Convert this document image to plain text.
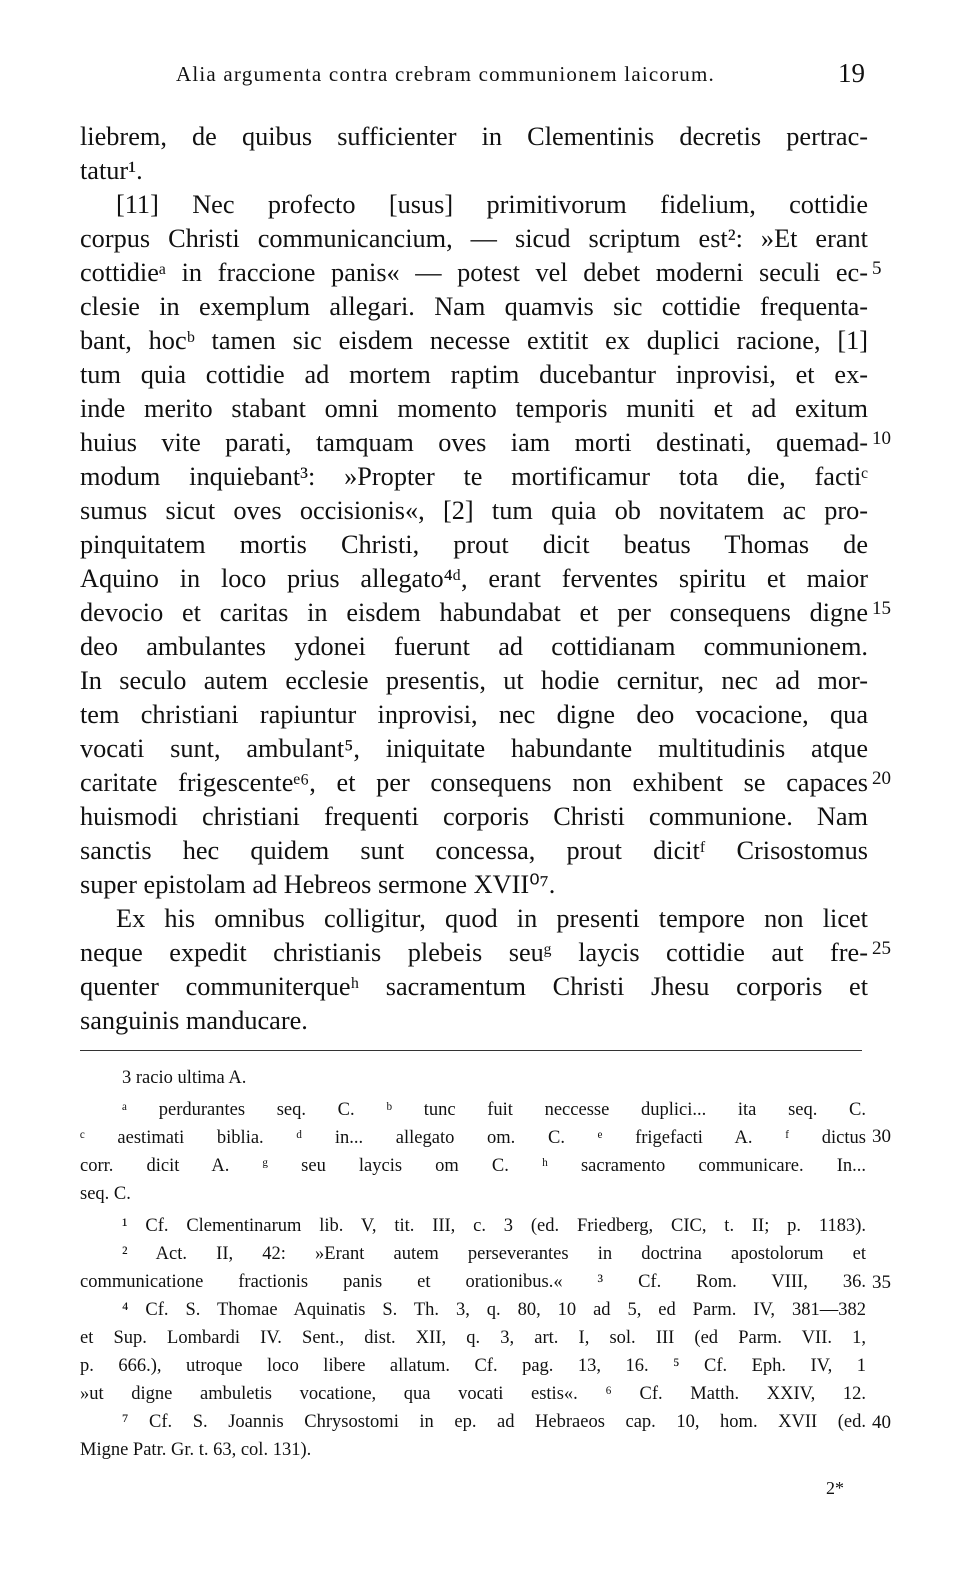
Alia argumenta contra crebram communionem laicorum.	19
liebrem, de quibus sufficienter in Clementinis decretis pertrac-
tatur¹.
[11] Nec profecto [usus] primitivorum fidelium, cottidie
corpus Christi communicancium, — sicud scriptum est²: »Et erant
cottidieᵃ in fraccione panis« — potest vel debet moderni seculi ec-
clesie in exemplum allegari. Nam quamvis sic cottidie frequenta-
bant, hocᵇ tamen sic eisdem necesse extitit ex duplici racione, [1]
tum quia cottidie ad mortem raptim ducebantur inprovisi, et ex-
inde merito stabant omni momento temporis muniti et ad exitum
huius vite parati, tamquam oves iam morti destinati, quemad-
modum inquiebant³: »Propter te mortificamur tota die, factiᶜ
sumus sicut oves occisionis«, [2] tum quia ob novitatem ac pro-
pinquitatem mortis Christi, prout dicit beatus Thomas de
Aquino in loco prius allegato⁴ᵈ, erant ferventes spiritu et maior
devocio et caritas in eisdem habundabat et per consequens digne
deo ambulantes ydonei fuerunt ad cottidianam communionem.
In seculo autem ecclesie presentis, ut hodie cernitur, nec ad mor-
tem christiani rapiuntur inprovisi, nec digne deo vocacione, qua
vocati sunt, ambulant⁵, iniquitate habundante multitudinis atque
caritate frigescenteᵉ⁶, et per consequens non exhibent se capaces
huismodi christiani frequenti corporis Christi communione. Nam
sanctis hec quidem sunt concessa, prout dicitᶠ Crisostomus
super epistolam ad Hebreos sermone XVII⁰⁷.
Ex his omnibus colligitur, quod in presenti tempore non licet
neque expedit christianis plebeis seuᵍ laycis cottidie aut fre-
quenter communiterqueʰ sacramentum Christi Jhesu corporis et
sanguinis manducare.
3 racio ultima A.
ᵃ perdurantes seq. C. ᵇ tunc fuit neccesse duplici... ita seq. C.
ᶜ aestimati biblia. ᵈ in... allegato om. C. ᵉ frigefacti A. ᶠ dictus
corr. dicit A. ᵍ seu laycis om C. ʰ sacramento communicare. In...
seq. C.
¹ Cf. Clementinarum lib. V, tit. III, c. 3 (ed. Friedberg, CIC, t. II; p. 1183).
² Act. II, 42: »Erant autem perseverantes in doctrina apostolorum et
communicatione fractionis panis et orationibus.« ³ Cf. Rom. VIII, 36.
⁴ Cf. S. Thomae Aquinatis S. Th. 3, q. 80, 10 ad 5, ed Parm. IV, 381—382
et Sup. Lombardi IV. Sent., dist. XII, q. 3, art. I, sol. III (ed Parm. VII. 1,
p. 666.), utroque loco libere allatum. Cf. pag. 13, 16. ⁵ Cf. Eph. IV, 1
»ut digne ambuletis vocatione, qua vocati estis«. ⁶ Cf. Matth. XXIV, 12.
⁷ Cf. S. Joannis Chrysostomi in ep. ad Hebraeos cap. 10, hom. XVII (ed.
Migne Patr. Gr. t. 63, col. 131).
5
10
15
20
25
30
35
40
2*
